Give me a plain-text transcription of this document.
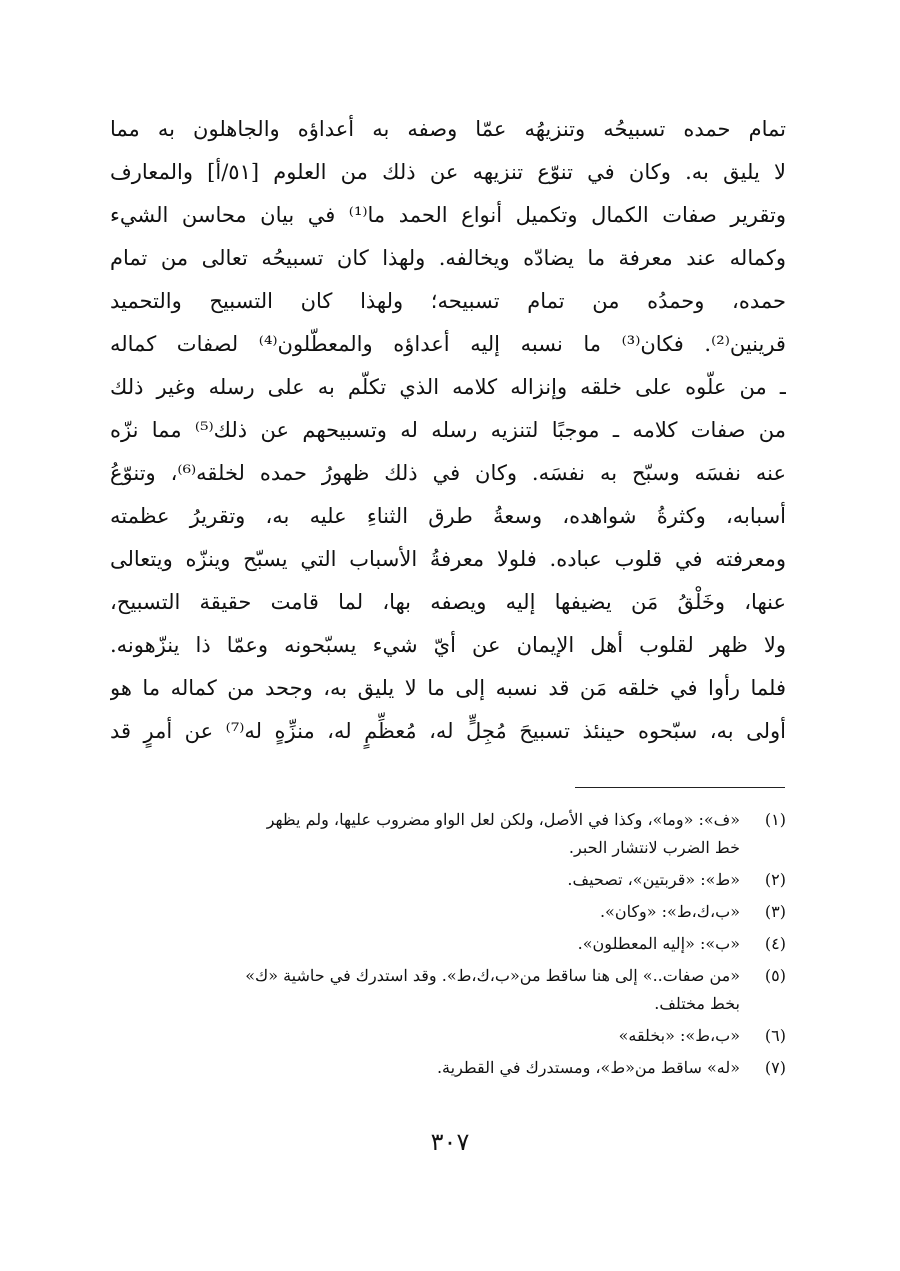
تمام حمده تسبيحُه وتنزيهُه عمّا وصفه به أعداؤه والجاهلون به مما
لا يليق به. وكان في تنوّع تنزيهه عن ذلك من العلوم [٥١/أ] والمعارف
وتقرير صفات الكمال وتكميل أنواع الحمد ما⁽¹⁾ في بيان محاسن الشيء
وكماله عند معرفة ما يضادّه ويخالفه. ولهذا كان تسبيحُه تعالى من تمام
حمده، وحمدُه من تمام تسبيحه؛ ولهذا كان التسبيح والتحميد
قرينين⁽²⁾. فكان⁽³⁾ ما نسبه إليه أعداؤه والمعطّلون⁽⁴⁾ لصفات كماله
ـ من علّوه على خلقه وإنزاله كلامه الذي تكلّم به على رسله وغير ذلك
من صفات كلامه ـ موجبًا لتنزيه رسله له وتسبيحهم عن ذلك⁽⁵⁾ مما نزّه
عنه نفسَه وسبّح به نفسَه. وكان في ذلك ظهورُ حمده لخلقه⁽⁶⁾، وتنوّعُ
أسبابه، وكثرةُ شواهده، وسعةُ طرق الثناءِ عليه به، وتقريرُ عظمته
ومعرفته في قلوب عباده. فلولا معرفةُ الأسباب التي يسبّح وينزّه ويتعالى
عنها، وخَلْقُ مَن يضيفها إليه ويصفه بها، لما قامت حقيقة التسبيح،
ولا ظهر لقلوب أهل الإيمان عن أيّ شيء يسبّحونه وعمّا ذا ينزّهونه.
فلما رأوا في خلقه مَن قد نسبه إلى ما لا يليق به، وجحد من كماله ما هو
أولى به، سبّحوه حينئذ تسبيحَ مُجِلٍّ له، مُعظِّمٍ له، منزِّهٍ له⁽⁷⁾ عن أمرٍ قد
(١)
«ف»: «وما»، وكذا في الأصل، ولكن لعل الواو مضروب عليها، ولم يظهر
خط الضرب لانتشار الحبر.
(٢)
«ط»: «قربتين»، تصحيف.
(٣)
«ب،ك،ط»: «وكان».
(٤)
«ب»: «إليه المعطلون».
(٥)
«من صفات..» إلى هنا ساقط من«ب،ك،ط». وقد استدرك في حاشية «ك»
بخط مختلف.
(٦)
«ب،ط»: «بخلقه»
(٧)
«له» ساقط من«ط»، ومستدرك في القطرية.
٣٠٧
